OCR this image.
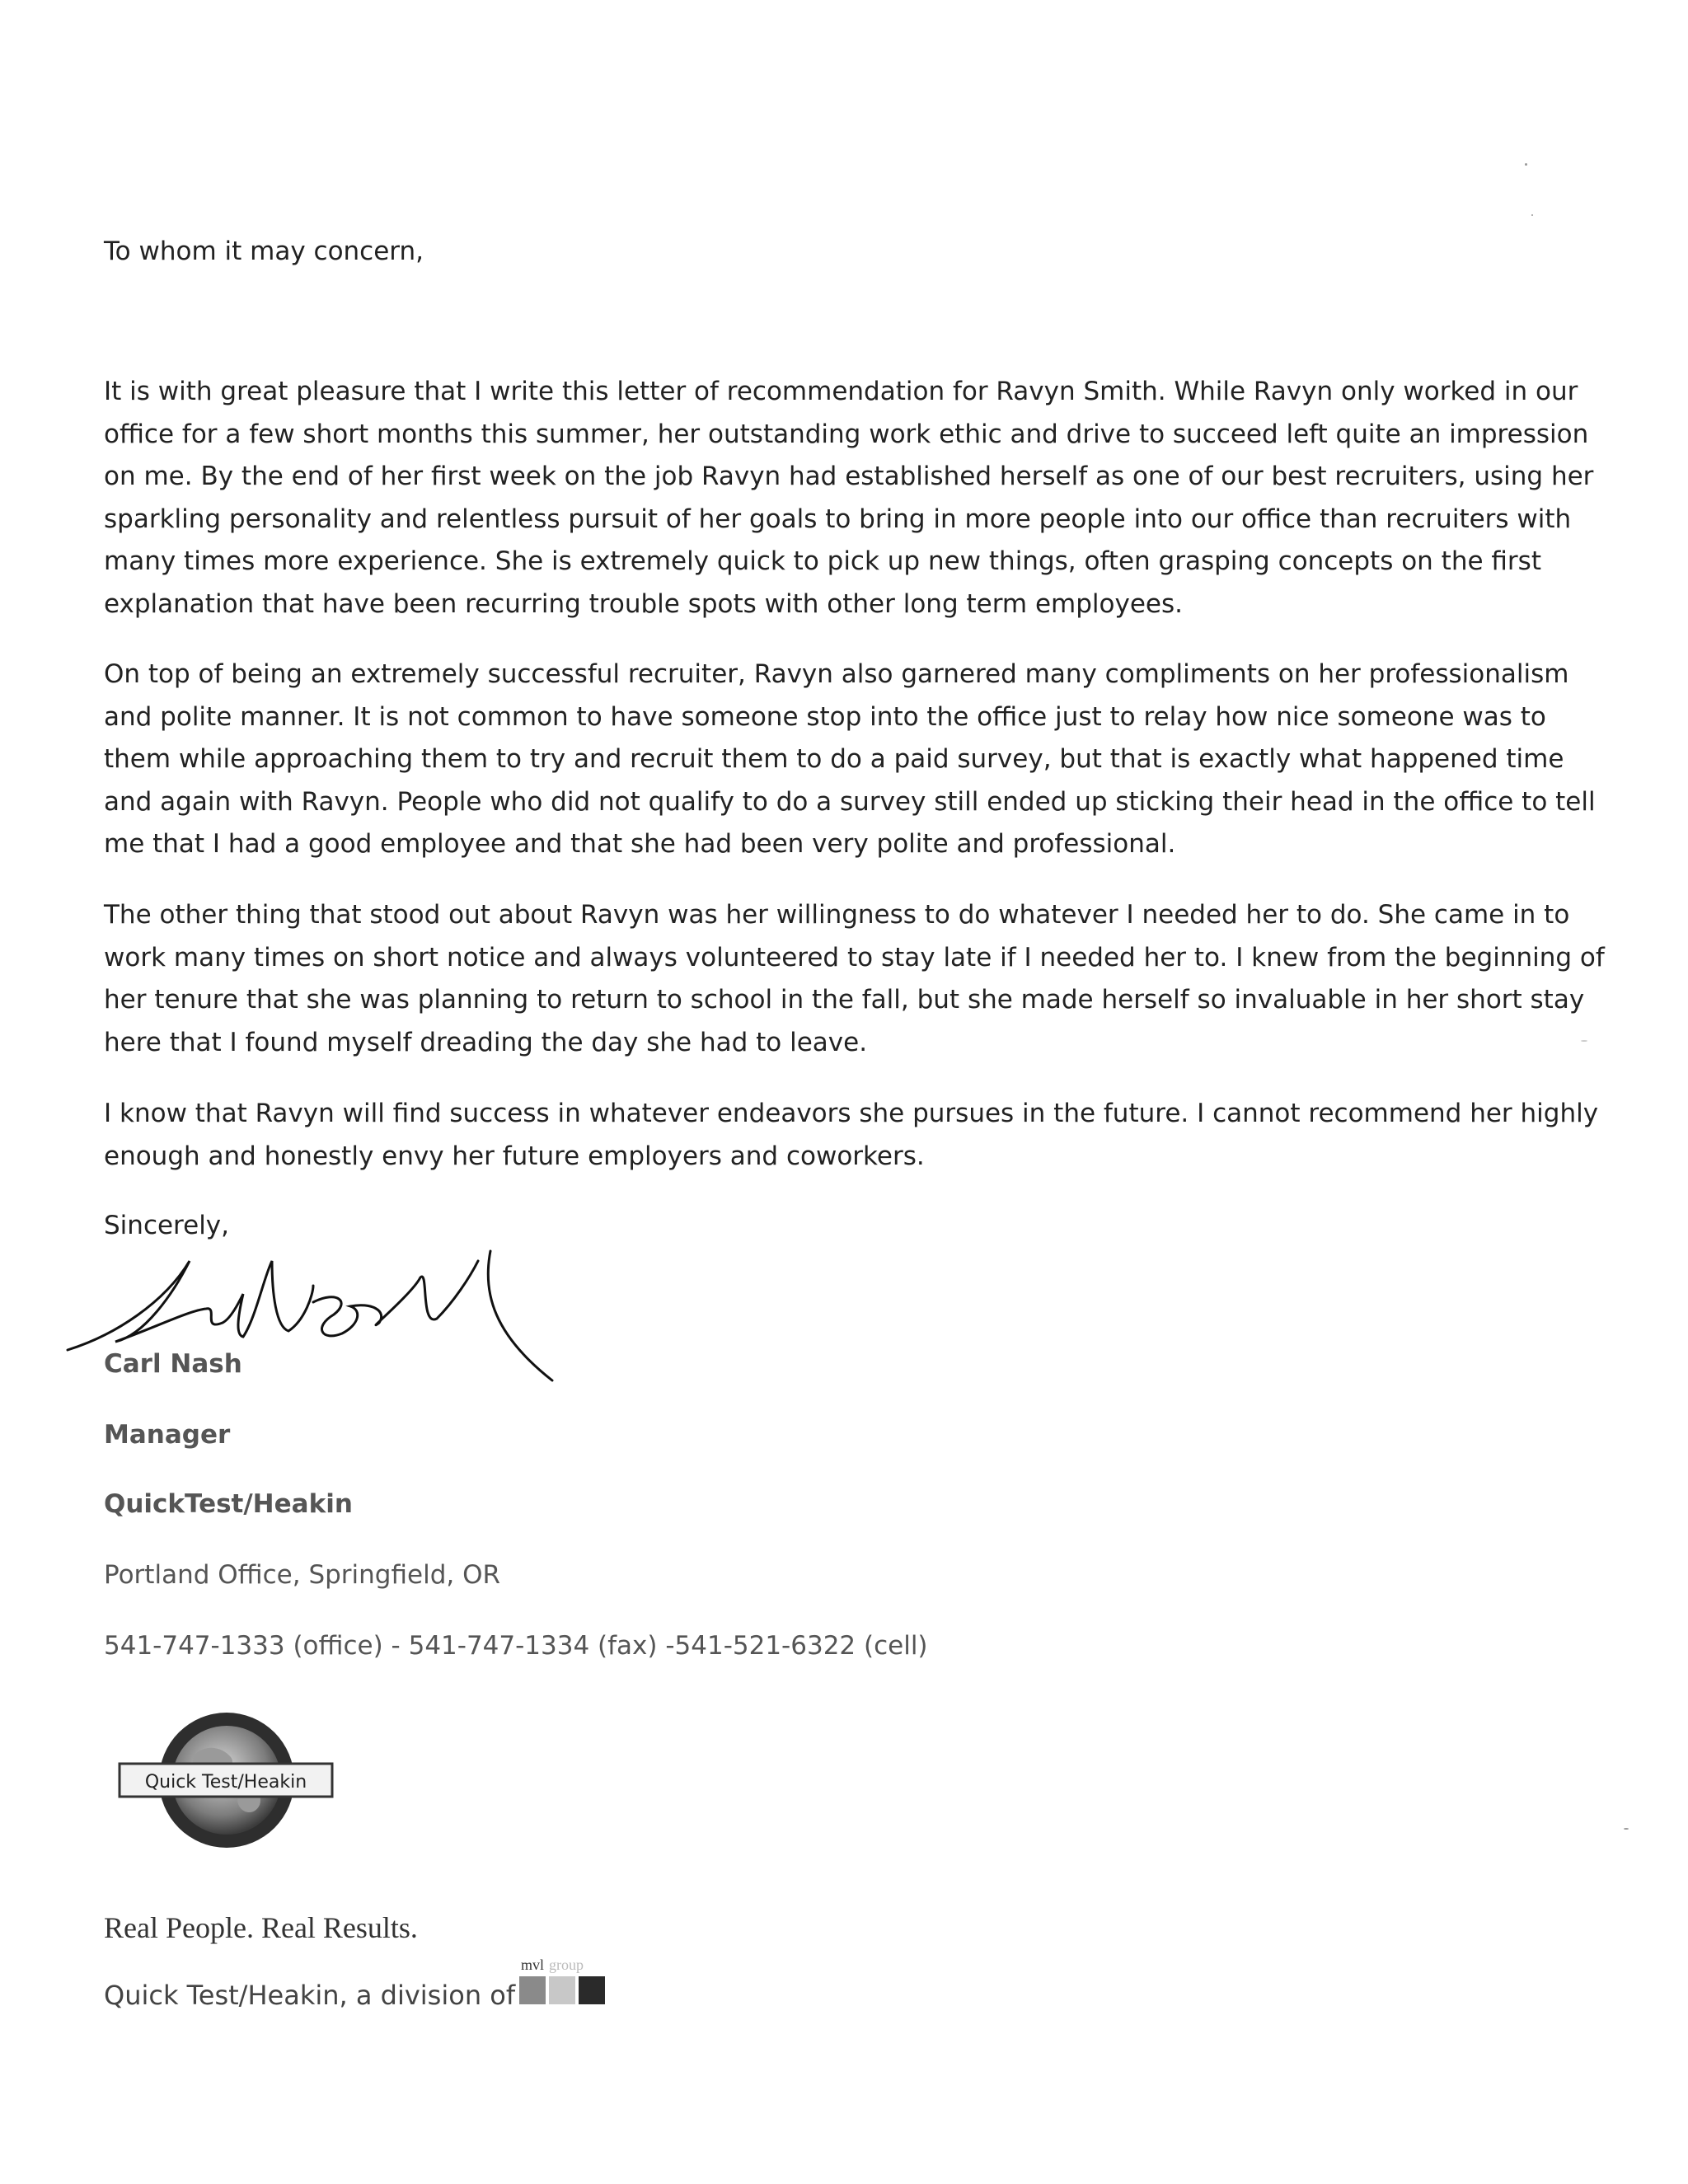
To whom it may concern,

It is with great pleasure that I write this letter of recommendation for Ravyn Smith. While Ravyn only worked in our office for a few short months this summer, her outstanding work ethic and drive to succeed left quite an impression on me. By the end of her first week on the job Ravyn had established herself as one of our best recruiters, using her sparkling personality and relentless pursuit of her goals to bring in more people into our office than recruiters with many times more experience. She is extremely quick to pick up new things, often grasping concepts on the first explanation that have been recurring trouble spots with other long term employees.

On top of being an extremely successful recruiter, Ravyn also garnered many compliments on her professionalism and polite manner. It is not common to have someone stop into the office just to relay how nice someone was to them while approaching them to try and recruit them to do a paid survey, but that is exactly what happened time and again with Ravyn. People who did not qualify to do a survey still ended up sticking their head in the office to tell me that I had a good employee and that she had been very polite and professional.

The other thing that stood out about Ravyn was her willingness to do whatever I needed her to do. She came in to work many times on short notice and always volunteered to stay late if I needed her to. I knew from the beginning of her tenure that she was planning to return to school in the fall, but she made herself so invaluable in her short stay here that I found myself dreading the day she had to leave.

I know that Ravyn will find success in whatever endeavors she pursues in the future. I cannot recommend her highly enough and honestly envy her future employers and coworkers.

Sincerely,
Carl Nash
Manager
QuickTest/Heakin
Portland Office, Springfield, OR
541-747-1333 (office) - 541-747-1334 (fax) -541-521-6322 (cell)
Quick Test/Heakin
Real People. Real Results.
Quick Test/Heakin, a division of
mvl group
